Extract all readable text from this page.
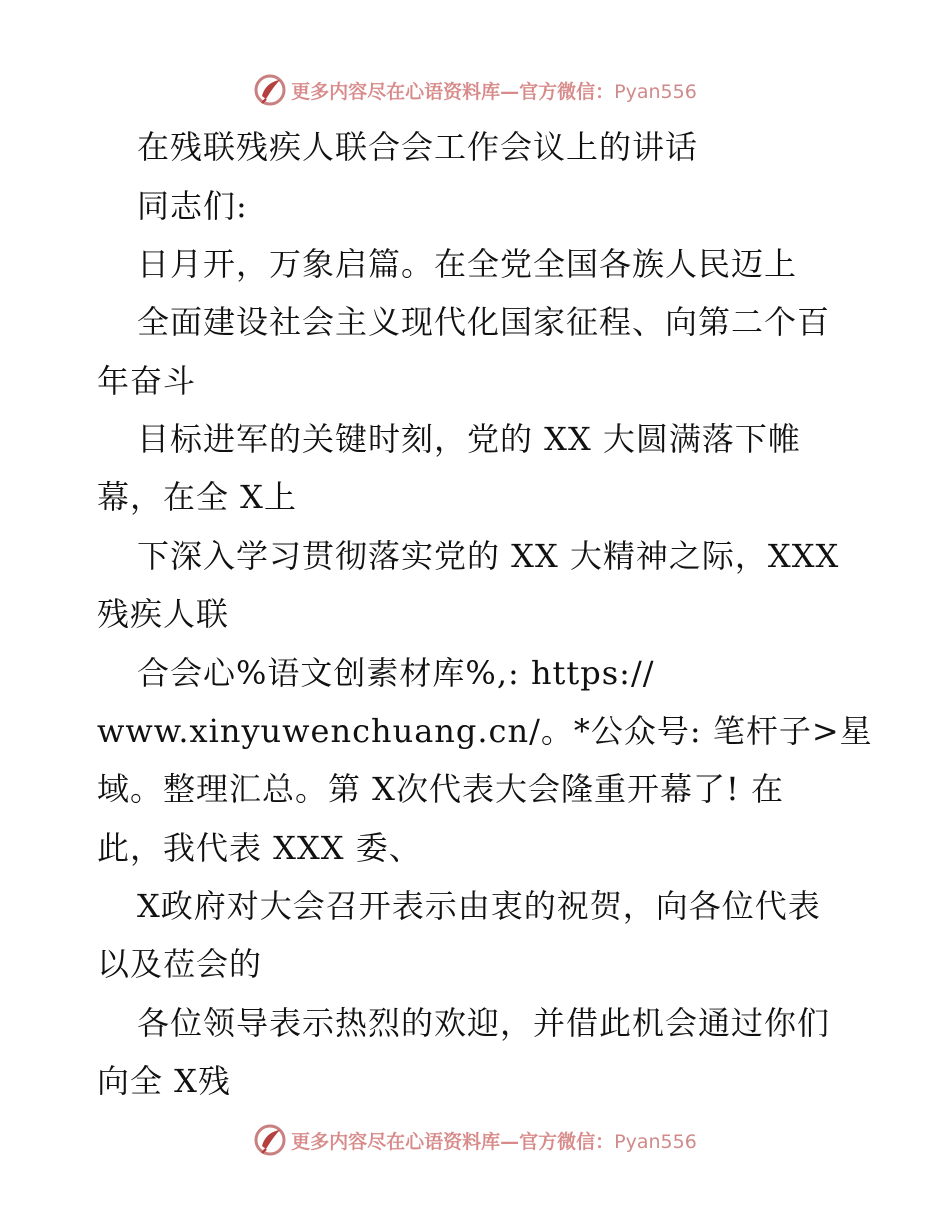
更多内容尽在心语资料库—官方微信：Pyan556
在残联残疾人联合会工作会议上的讲话
同志们:
日月开，万象启篇。在全党全国各族人民迈上
全面建设社会主义现代化国家征程、向第二个百
年奋斗
目标进军的关键时刻，党的 XX 大圆满落下帷
幕，在全 X上
下深入学习贯彻落实党的 XX 大精神之际，XXX
残疾人联
合会心%语文创素材库%,: https://
www.xinyuwenchuang.cn/。*公众号: 笔杆子>星
域。整理汇总。第 X次代表大会隆重开幕了! 在
此，我代表 XXX 委、
X政府对大会召开表示由衷的祝贺，向各位代表
以及莅会的
各位领导表示热烈的欢迎，并借此机会通过你们
向全 X残
更多内容尽在心语资料库—官方微信：Pyan556
